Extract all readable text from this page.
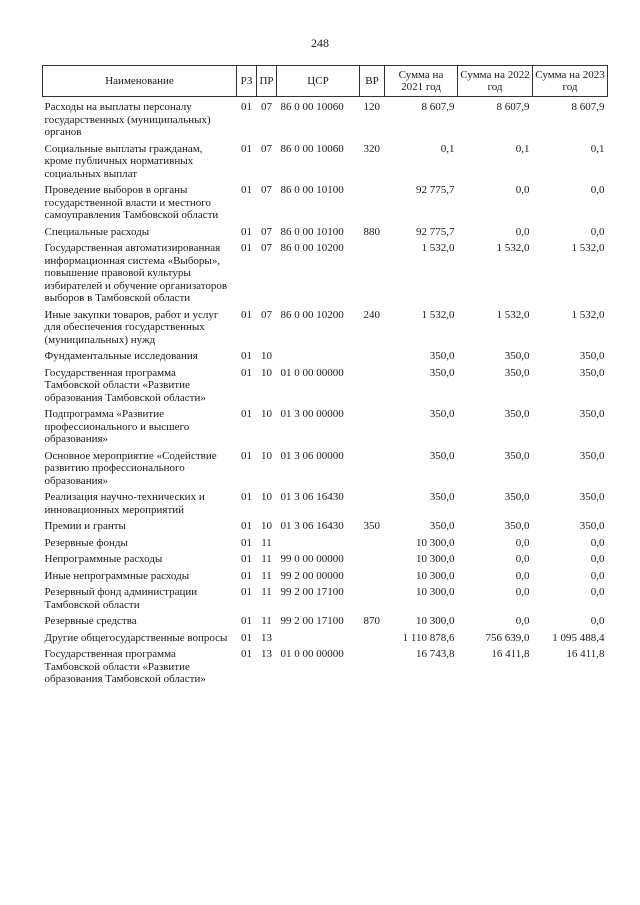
248
Наименование	РЗ	ПР	ЦСР	ВР	Сумма на 2021 год	Сумма на 2022 год	Сумма на 2023 год
Расходы на выплаты персоналу государственных (муниципальных) органов	01	07	86 0 00 10060	120	8 607,9	8 607,9	8 607,9
Социальные выплаты гражданам, кроме публичных нормативных социальных выплат	01	07	86 0 00 10060	320	0,1	0,1	0,1
Проведение выборов в органы государственной власти и местного самоуправления Тамбовской области	01	07	86 0 00 10100		92 775,7	0,0	0,0
Специальные расходы	01	07	86 0 00 10100	880	92 775,7	0,0	0,0
Государственная автоматизированная информационная система «Выборы», повышение правовой культуры избирателей и обучение организаторов выборов в Тамбовской области	01	07	86 0 00 10200		1 532,0	1 532,0	1 532,0
Иные закупки товаров, работ и услуг для обеспечения государственных (муниципальных) нужд	01	07	86 0 00 10200	240	1 532,0	1 532,0	1 532,0
Фундаментальные исследования	01	10			350,0	350,0	350,0
Государственная программа Тамбовской области «Развитие образования Тамбовской области»	01	10	01 0 00 00000		350,0	350,0	350,0
Подпрограмма «Развитие профессионального и высшего образования»	01	10	01 3 00 00000		350,0	350,0	350,0
Основное мероприятие «Содействие развитию профессионального образования»	01	10	01 3 06 00000		350,0	350,0	350,0
Реализация научно-технических и инновационных мероприятий	01	10	01 3 06 16430		350,0	350,0	350,0
Премии и гранты	01	10	01 3 06 16430	350	350,0	350,0	350,0
Резервные фонды	01	11			10 300,0	0,0	0,0
Непрограммные расходы	01	11	99 0 00 00000		10 300,0	0,0	0,0
Иные непрограммные расходы	01	11	99 2 00 00000		10 300,0	0,0	0,0
Резервный фонд администрации Тамбовской области	01	11	99 2 00 17100		10 300,0	0,0	0,0
Резервные средства	01	11	99 2 00 17100	870	10 300,0	0,0	0,0
Другие общегосударственные вопросы	01	13			1 110 878,6	756 639,0	1 095 488,4
Государственная программа Тамбовской области «Развитие образования Тамбовской области»	01	13	01 0 00 00000		16 743,8	16 411,8	16 411,8
